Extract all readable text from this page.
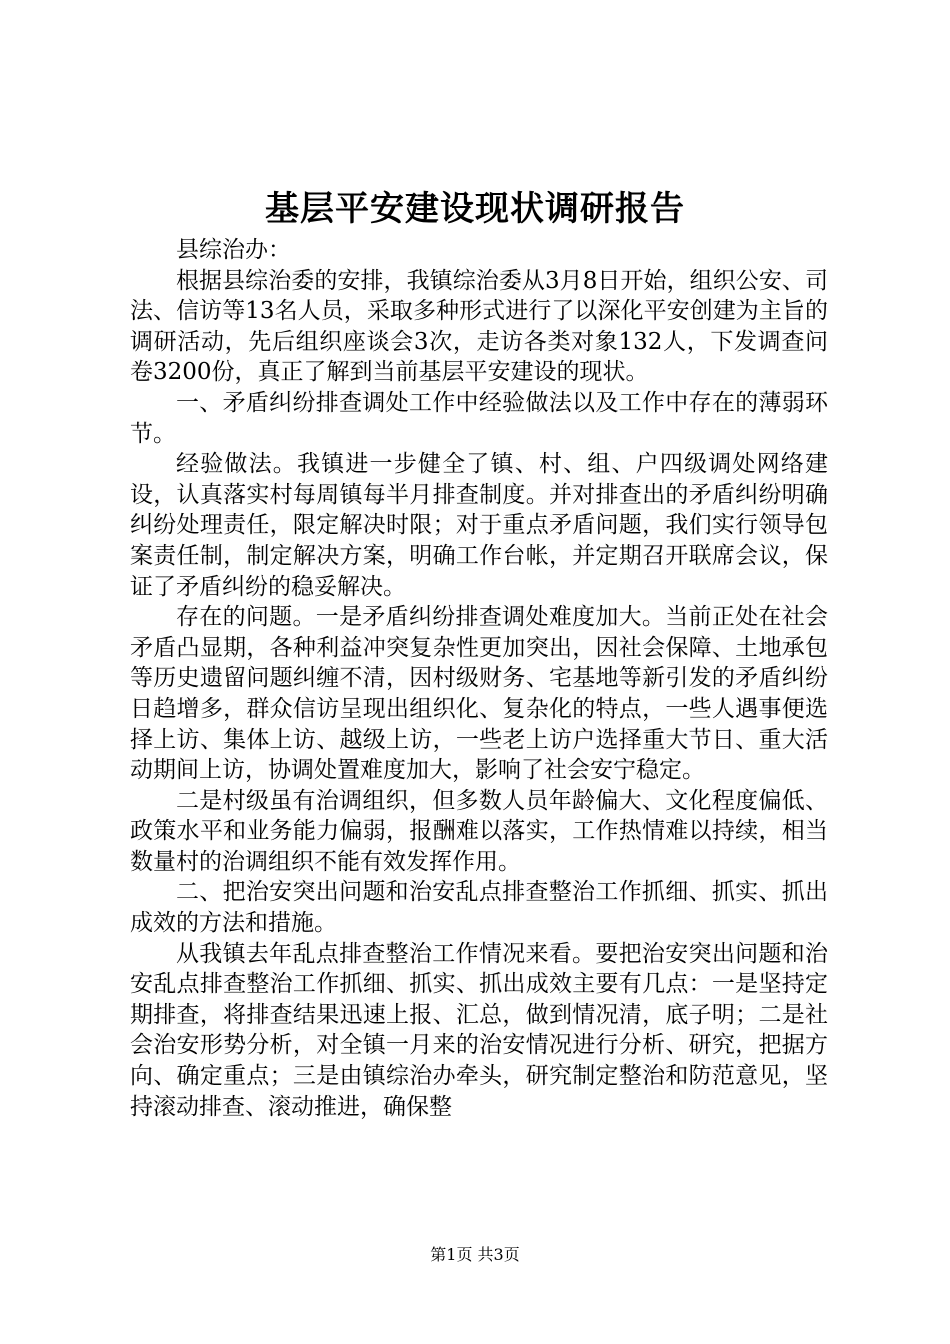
基层平安建设现状调研报告

县综治办：

根据县综治委的安排，我镇综治委从3月8日开始，组织公安、司法、信访等13名人员，采取多种形式进行了以深化平安创建为主旨的调研活动，先后组织座谈会3次，走访各类对象132人，下发调查问卷3200份，真正了解到当前基层平安建设的现状。

一、矛盾纠纷排查调处工作中经验做法以及工作中存在的薄弱环节。

经验做法。我镇进一步健全了镇、村、组、户四级调处网络建设，认真落实村每周镇每半月排查制度。并对排查出的矛盾纠纷明确纠纷处理责任，限定解决时限；对于重点矛盾问题，我们实行领导包案责任制，制定解决方案，明确工作台帐，并定期召开联席会议，保证了矛盾纠纷的稳妥解决。

存在的问题。一是矛盾纠纷排查调处难度加大。当前正处在社会矛盾凸显期，各种利益冲突复杂性更加突出，因社会保障、土地承包等历史遗留问题纠缠不清，因村级财务、宅基地等新引发的矛盾纠纷日趋增多，群众信访呈现出组织化、复杂化的特点，一些人遇事便选择上访、集体上访、越级上访，一些老上访户选择重大节日、重大活动期间上访，协调处置难度加大，影响了社会安宁稳定。

二是村级虽有治调组织，但多数人员年龄偏大、文化程度偏低、政策水平和业务能力偏弱，报酬难以落实，工作热情难以持续，相当数量村的治调组织不能有效发挥作用。

二、把治安突出问题和治安乱点排查整治工作抓细、抓实、抓出成效的方法和措施。

从我镇去年乱点排查整治工作情况来看。要把治安突出问题和治安乱点排查整治工作抓细、抓实、抓出成效主要有几点：一是坚持定期排查，将排查结果迅速上报、汇总，做到情况清，底子明；二是社会治安形势分析，对全镇一月来的治安情况进行分析、研究，把据方向、确定重点；三是由镇综治办牵头，研究制定整治和防范意见，坚持滚动排查、滚动推进，确保整

第1页 共3页
